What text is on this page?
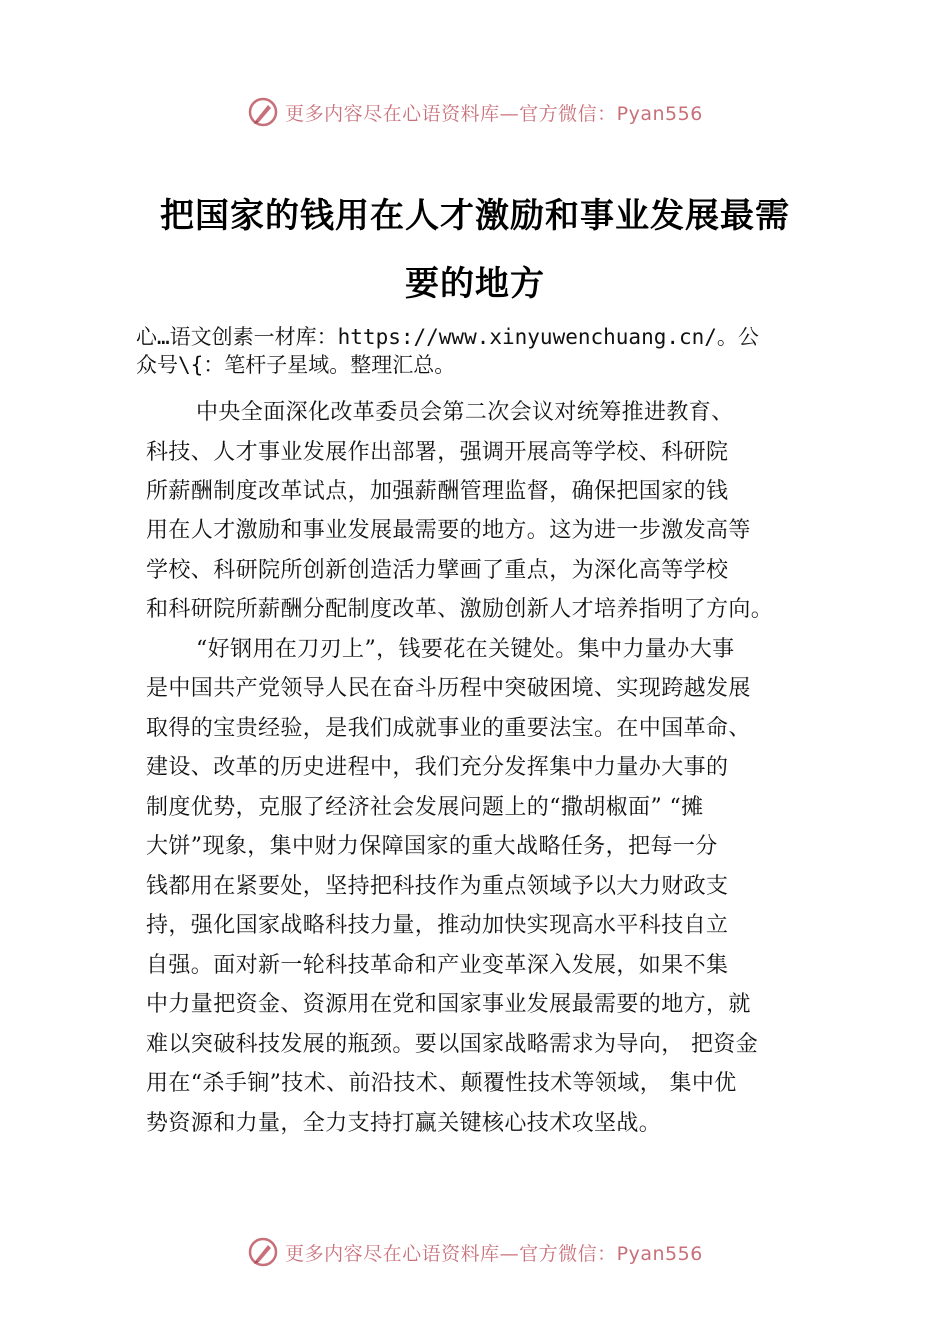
更多内容尽在心语资料库—官方微信：Pyan556
把国家的钱用在人才激励和事业发展最需
要的地方
心…语文创素一材库：https://www.xinyuwenchuang.cn/。公
众号\{：笔杆子星域。整理汇总。
中央全面深化改革委员会第二次会议对统筹推进教育、
科技、人才事业发展作出部署，强调开展高等学校、科研院
所薪酬制度改革试点，加强薪酬管理监督，确保把国家的钱
用在人才激励和事业发展最需要的地方。这为进一步激发高等
学校、科研院所创新创造活力擘画了重点，为深化高等学校
和科研院所薪酬分配制度改革、激励创新人才培养指明了方向。
“好钢用在刀刃上”，钱要花在关键处。集中力量办大事
是中国共产党领导人民在奋斗历程中突破困境、实现跨越发展
取得的宝贵经验，是我们成就事业的重要法宝。在中国革命、
建设、改革的历史进程中，我们充分发挥集中力量办大事的
制度优势，克服了经济社会发展问题上的“撒胡椒面” “摊
大饼”现象，集中财力保障国家的重大战略任务，把每一分
钱都用在紧要处，坚持把科技作为重点领域予以大力财政支
持，强化国家战略科技力量，推动加快实现高水平科技自立
自强。面对新一轮科技革命和产业变革深入发展，如果不集
中力量把资金、资源用在党和国家事业发展最需要的地方，就
难以突破科技发展的瓶颈。要以国家战略需求为导向， 把资金
用在“杀手锏”技术、前沿技术、颠覆性技术等领域， 集中优
势资源和力量，全力支持打赢关键核心技术攻坚战。
更多内容尽在心语资料库—官方微信：Pyan556
